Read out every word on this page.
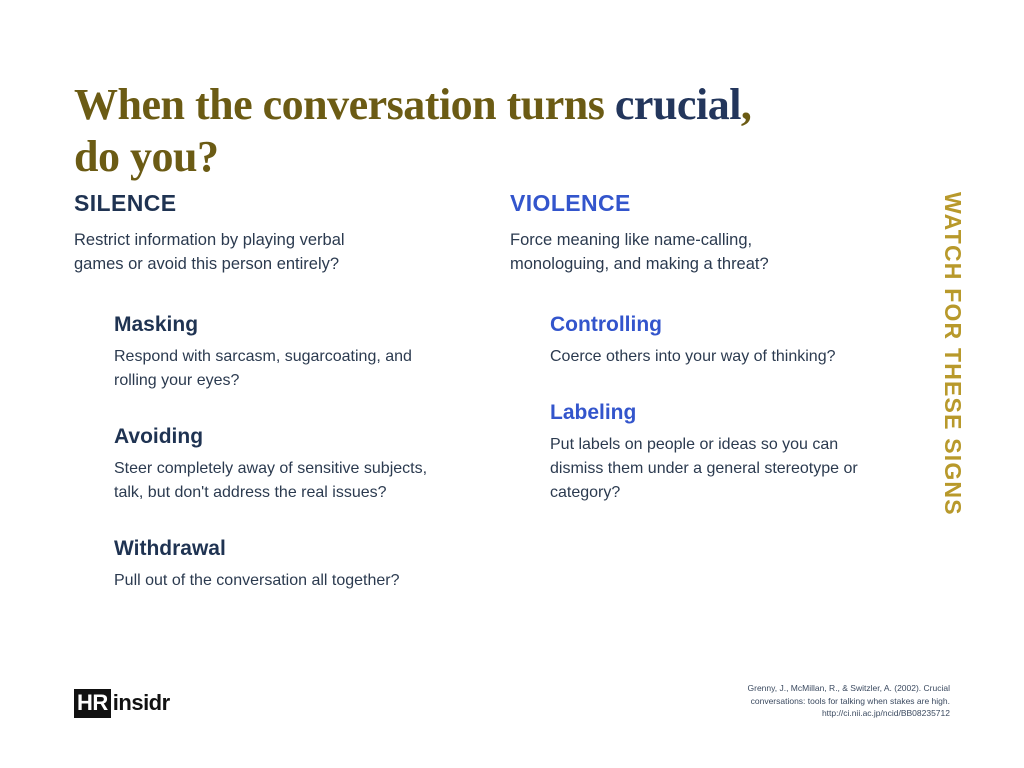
When the conversation turns crucial,
do you?
SILENCE

Restrict information by playing verbal games or avoid this person entirely?

Masking

Respond with sarcasm, sugarcoating, and rolling your eyes?

Avoiding

Steer completely away of sensitive subjects, talk, but don't address the real issues?

Withdrawal

Pull out of the conversation all together?

VIOLENCE

Force meaning like name-calling, monologuing, and making a threat?

Controlling

Coerce others into your way of thinking?

Labeling

Put labels on people or ideas so you can dismiss them under a general stereotype or category?	WATCH FOR THESE SIGNS
HR insidr
Grenny, J., McMillan, R., & Switzler, A. (2002). Crucial
conversations: tools for talking when stakes are high.
http://ci.nii.ac.jp/ncid/BB08235712
